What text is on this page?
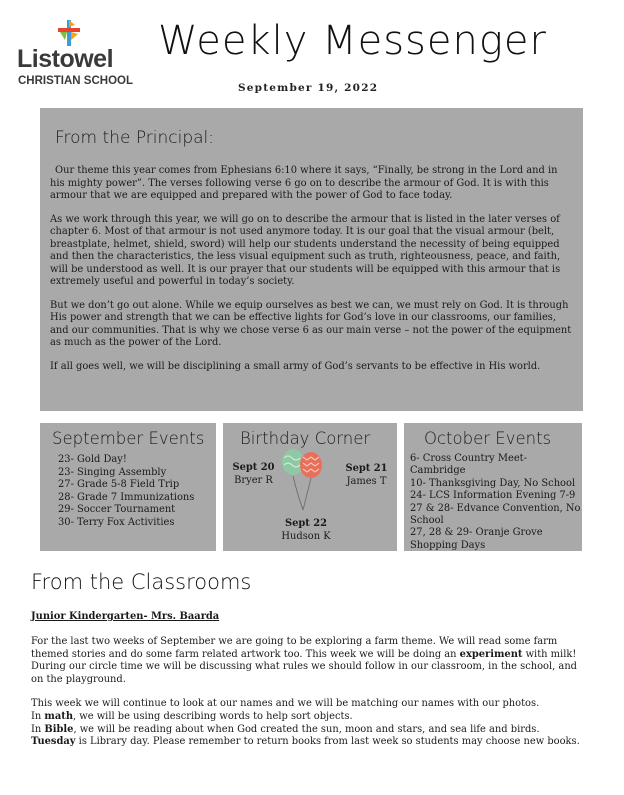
Listowel
CHRISTIAN SCHOOL
Weekly Messenger
September 19, 2022
From the Principal:

Our theme this year comes from Ephesians 6:10 where it says, “Finally, be strong in the Lord and in his mighty power”. The verses following verse 6 go on to describe the armour of God. It is with this armour that we are equipped and prepared with the power of God to face today.

As we work through this year, we will go on to describe the armour that is listed in the later verses of chapter 6. Most of that armour is not used anymore today. It is our goal that the visual armour (belt, breastplate, helmet, shield, sword) will help our students understand the necessity of being equipped and then the characteristics, the less visual equipment such as truth, righteousness, peace, and faith, will be understood as well. It is our prayer that our students will be equipped with this armour that is extremely useful and powerful in today’s society.

But we don’t go out alone. While we equip ourselves as best we can, we must rely on God. It is through His power and strength that we can be effective lights for God’s love in our classrooms, our families, and our communities. That is why we chose verse 6 as our main verse – not the power of the equipment as much as the power of the Lord.

If all goes well, we will be disciplining a small army of God’s servants to be effective in His world.

September Events
23- Gold Day!
23- Singing Assembly
27- Grade 5-8 Field Trip
28- Grade 7 Immunizations
29- Soccer Tournament
30- Terry Fox Activities
Birthday Corner
Sept 20
Bryer R
Sept 21
James T
Sept 22
Hudson K
October Events
6- Cross Country Meet- Cambridge
10- Thanksgiving Day, No School
24- LCS Information Evening 7-9
27 & 28- Edvance Convention, No School
27, 28 & 29- Oranje Grove Shopping Days
From the Classrooms
Junior Kindergarten- Mrs. Baarda

For the last two weeks of September we are going to be exploring a farm theme. We will read some farm themed stories and do some farm related artwork too. This week we will be doing an experiment with milk! During our circle time we will be discussing what rules we should follow in our classroom, in the school, and on the playground.

This week we will continue to look at our names and we will be matching our names with our photos.
In math, we will be using describing words to help sort objects.
In Bible, we will be reading about when God created the sun, moon and stars, and sea life and birds.
Tuesday is Library day. Please remember to return books from last week so students may choose new books.
